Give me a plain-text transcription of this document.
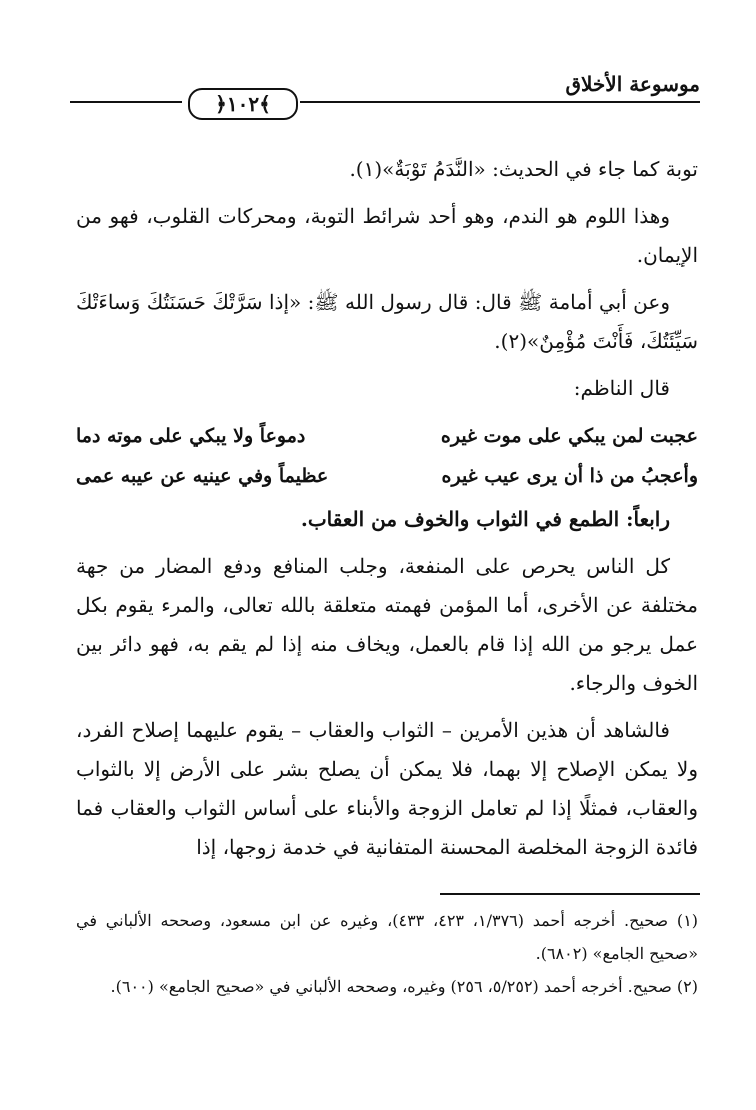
﴿١٠٢﴾
موسوعة الأخلاق

توبة كما جاء في الحديث: «النَّدَمُ تَوْبَةٌ»(١).

وهذا اللوم هو الندم، وهو أحد شرائط التوبة، ومحركات القلوب، فهو من الإيمان.

وعن أبي أمامة ﷺ قال: قال رسول الله ﷺ: «إذا سَرَّتْكَ حَسَنَتُكَ وَساءَتْكَ سَيِّئَتُكَ، فَأَنْتَ مُؤْمِنٌ»(٢).

قال الناظم:

عجبت لمن يبكي على موت غيره
دموعاً ولا يبكي على موته دما
وأعجبُ من ذا أن يرى عيب غيره
عظيماً وفي عينيه عن عيبه عمى

رابعاً: الطمع في الثواب والخوف من العقاب.

كل الناس يحرص على المنفعة، وجلب المنافع ودفع المضار من جهة مختلفة عن الأخرى، أما المؤمن فهمته متعلقة بالله تعالى، والمرء يقوم بكل عمل يرجو من الله إذا قام بالعمل، ويخاف منه إذا لم يقم به، فهو دائر بين الخوف والرجاء.

فالشاهد أن هذين الأمرين – الثواب والعقاب – يقوم عليهما إصلاح الفرد، ولا يمكن الإصلاح إلا بهما، فلا يمكن أن يصلح بشر على الأرض إلا بالثواب والعقاب، فمثلًا إذا لم تعامل الزوجة والأبناء على أساس الثواب والعقاب فما فائدة الزوجة المخلصة المحسنة المتفانية في خدمة زوجها، إذا

(١) صحيح. أخرجه أحمد (١/٣٧٦، ٤٢٣، ٤٣٣)، وغيره عن ابن مسعود، وصححه الألباني في «صحيح الجامع» (٦٨٠٢).

(٢) صحيح. أخرجه أحمد (٥/٢٥٢، ٢٥٦) وغيره، وصححه الألباني في «صحيح الجامع» (٦٠٠).
